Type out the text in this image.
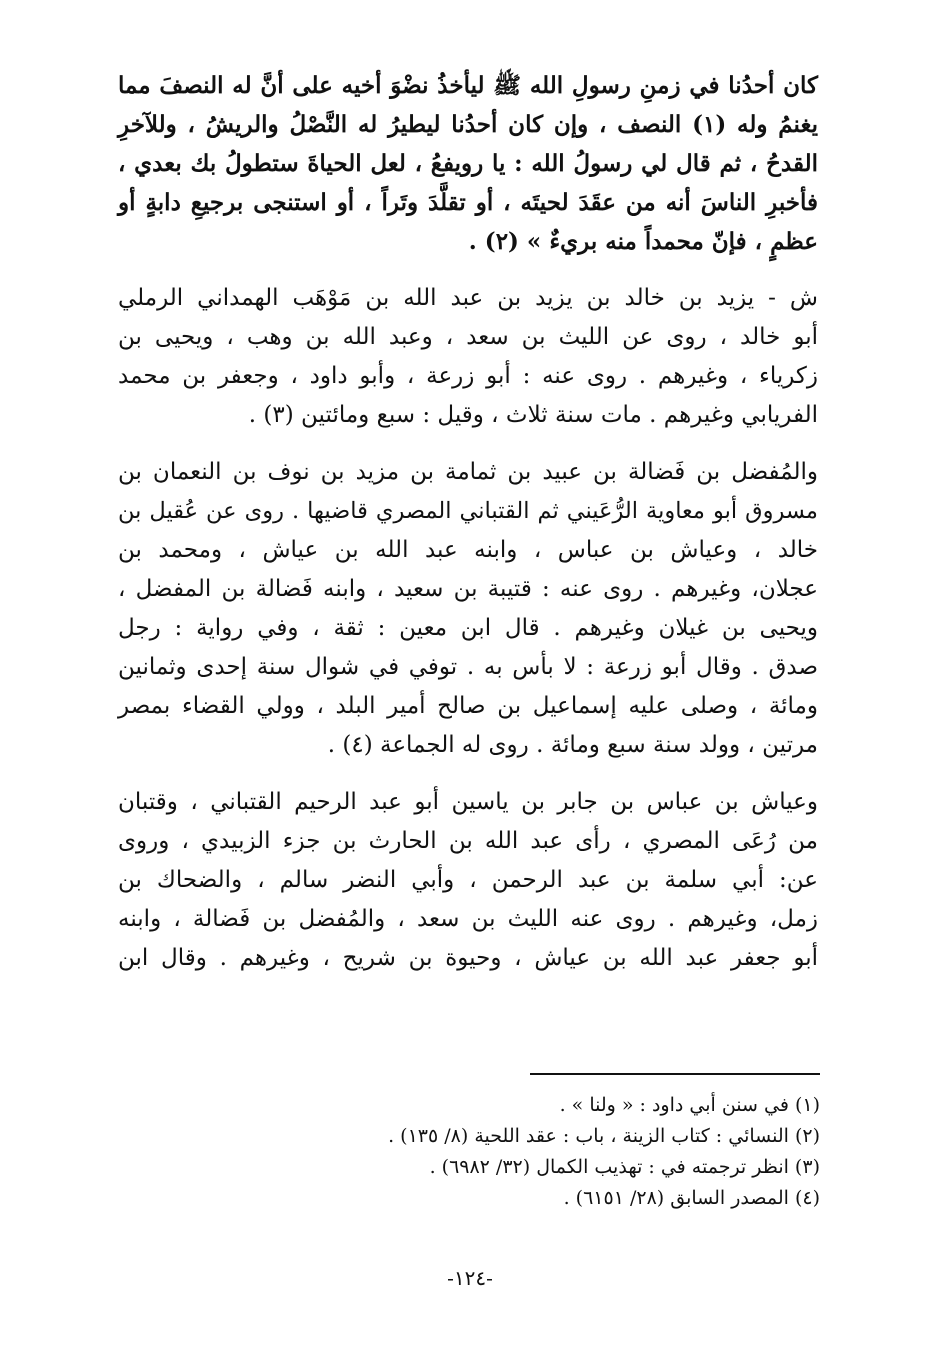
كان أحدُنا في زمنِ رسولِ الله ﷺ ليأخذُ نضْوَ أخيه على أنَّ له النصفَ مما
يغنمُ وله (١) النصف ، وإن كان أحدُنا ليطيرُ له النَّصْلُ والريشُ ، وللآخرِ
القدحُ ، ثم قال لي رسولُ الله : يا رويفعُ ، لعل الحياةَ ستطولُ بك بعدي ،
فأخبرِ الناسَ أنه من عقَدَ لحيتَه ، أو تقلَّدَ وتَراً ، أو استنجى برجيعِ دابةٍ أو
عظمٍ ، فإنّ محمداً منه بريءٌ » (٢) .

ش - يزيد بن خالد بن يزيد بن عبد الله بن مَوْهَب الهمداني الرملي
أبو خالد ، روى عن الليث بن سعد ، وعبد الله بن وهب ، ويحيى بن
زكرياء ، وغيرهم . روى عنه : أبو زرعة ، وأبو داود ، وجعفر بن محمد
الفريابي وغيرهم . مات سنة ثلاث ، وقيل : سبع ومائتين (٣) .

والمُفضل بن فَضالة بن عبيد بن ثمامة بن مزيد بن نوف بن النعمان بن
مسروق أبو معاوية الرُّعَيني ثم القتباني المصري قاضيها . روى عن عُقيل بن
خالد ، وعياش بن عباس ، وابنه عبد الله بن عياش ، ومحمد بن
عجلان، وغيرهم . روى عنه : قتيبة بن سعيد ، وابنه فَضالة بن المفضل ،
ويحيى بن غيلان وغيرهم . قال ابن معين : ثقة ، وفي رواية : رجل
صدق . وقال أبو زرعة : لا بأس به . توفي في شوال سنة إحدى وثمانين
ومائة ، وصلى عليه إسماعيل بن صالح أمير البلد ، وولي القضاء بمصر
مرتين ، وولد سنة سبع ومائة . روى له الجماعة (٤) .

وعياش بن عباس بن جابر بن ياسين أبو عبد الرحيم القتباني ، وقتبان
من رُعَى المصري ، رأى عبد الله بن الحارث بن جزء الزبيدي ، وروى
عن: أبي سلمة بن عبد الرحمن ، وأبي النضر سالم ، والضحاك بن
زمل، وغيرهم . روى عنه الليث بن سعد ، والمُفضل بن فَضالة ، وابنه
أبو جعفر عبد الله بن عياش ، وحيوة بن شريح ، وغيرهم . وقال ابن

(١) في سنن أبي داود : « ولنا » .
(٢) النسائي : كتاب الزينة ، باب : عقد اللحية (٨/ ١٣٥) .
(٣) انظر ترجمته في : تهذيب الكمال (٣٢/ ٦٩٨٢) .
(٤) المصدر السابق (٢٨/ ٦١٥١) .
-١٢٤-
